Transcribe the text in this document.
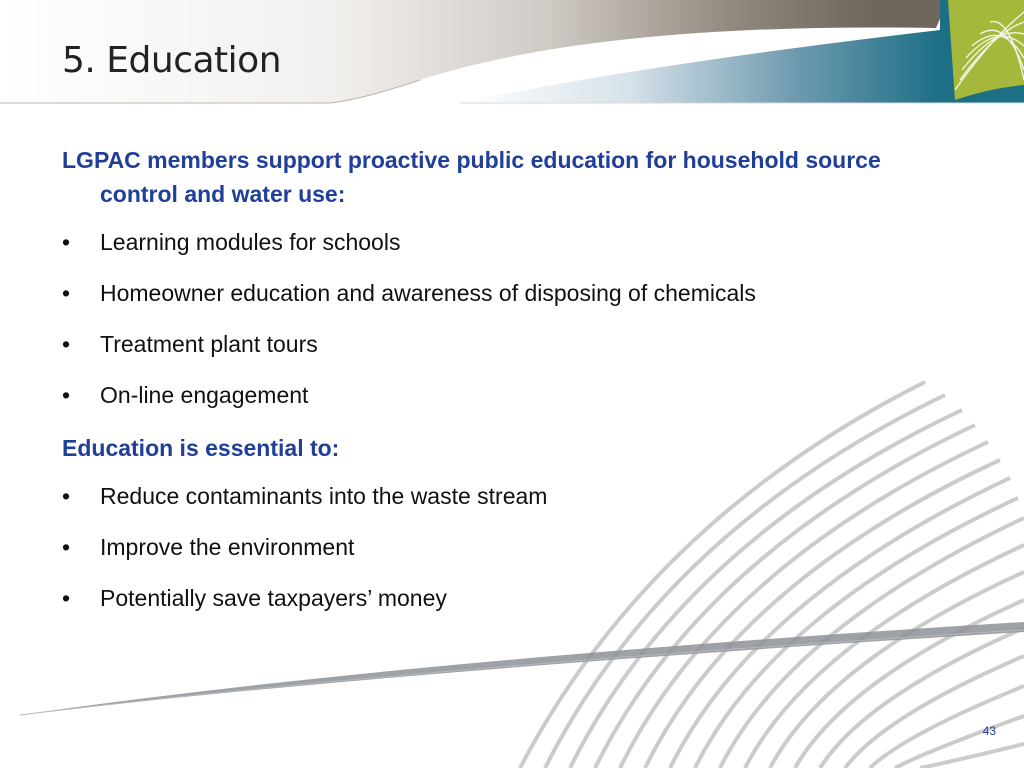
5. Education
LGPAC members support proactive public education for household source control and water use:
•	Learning modules for schools
•	Homeowner education and awareness of disposing of chemicals
•	Treatment plant tours
•	On-line engagement
Education is essential to:
•	Reduce contaminants into the waste stream
•	Improve the environment
•	Potentially save taxpayers’ money
43
